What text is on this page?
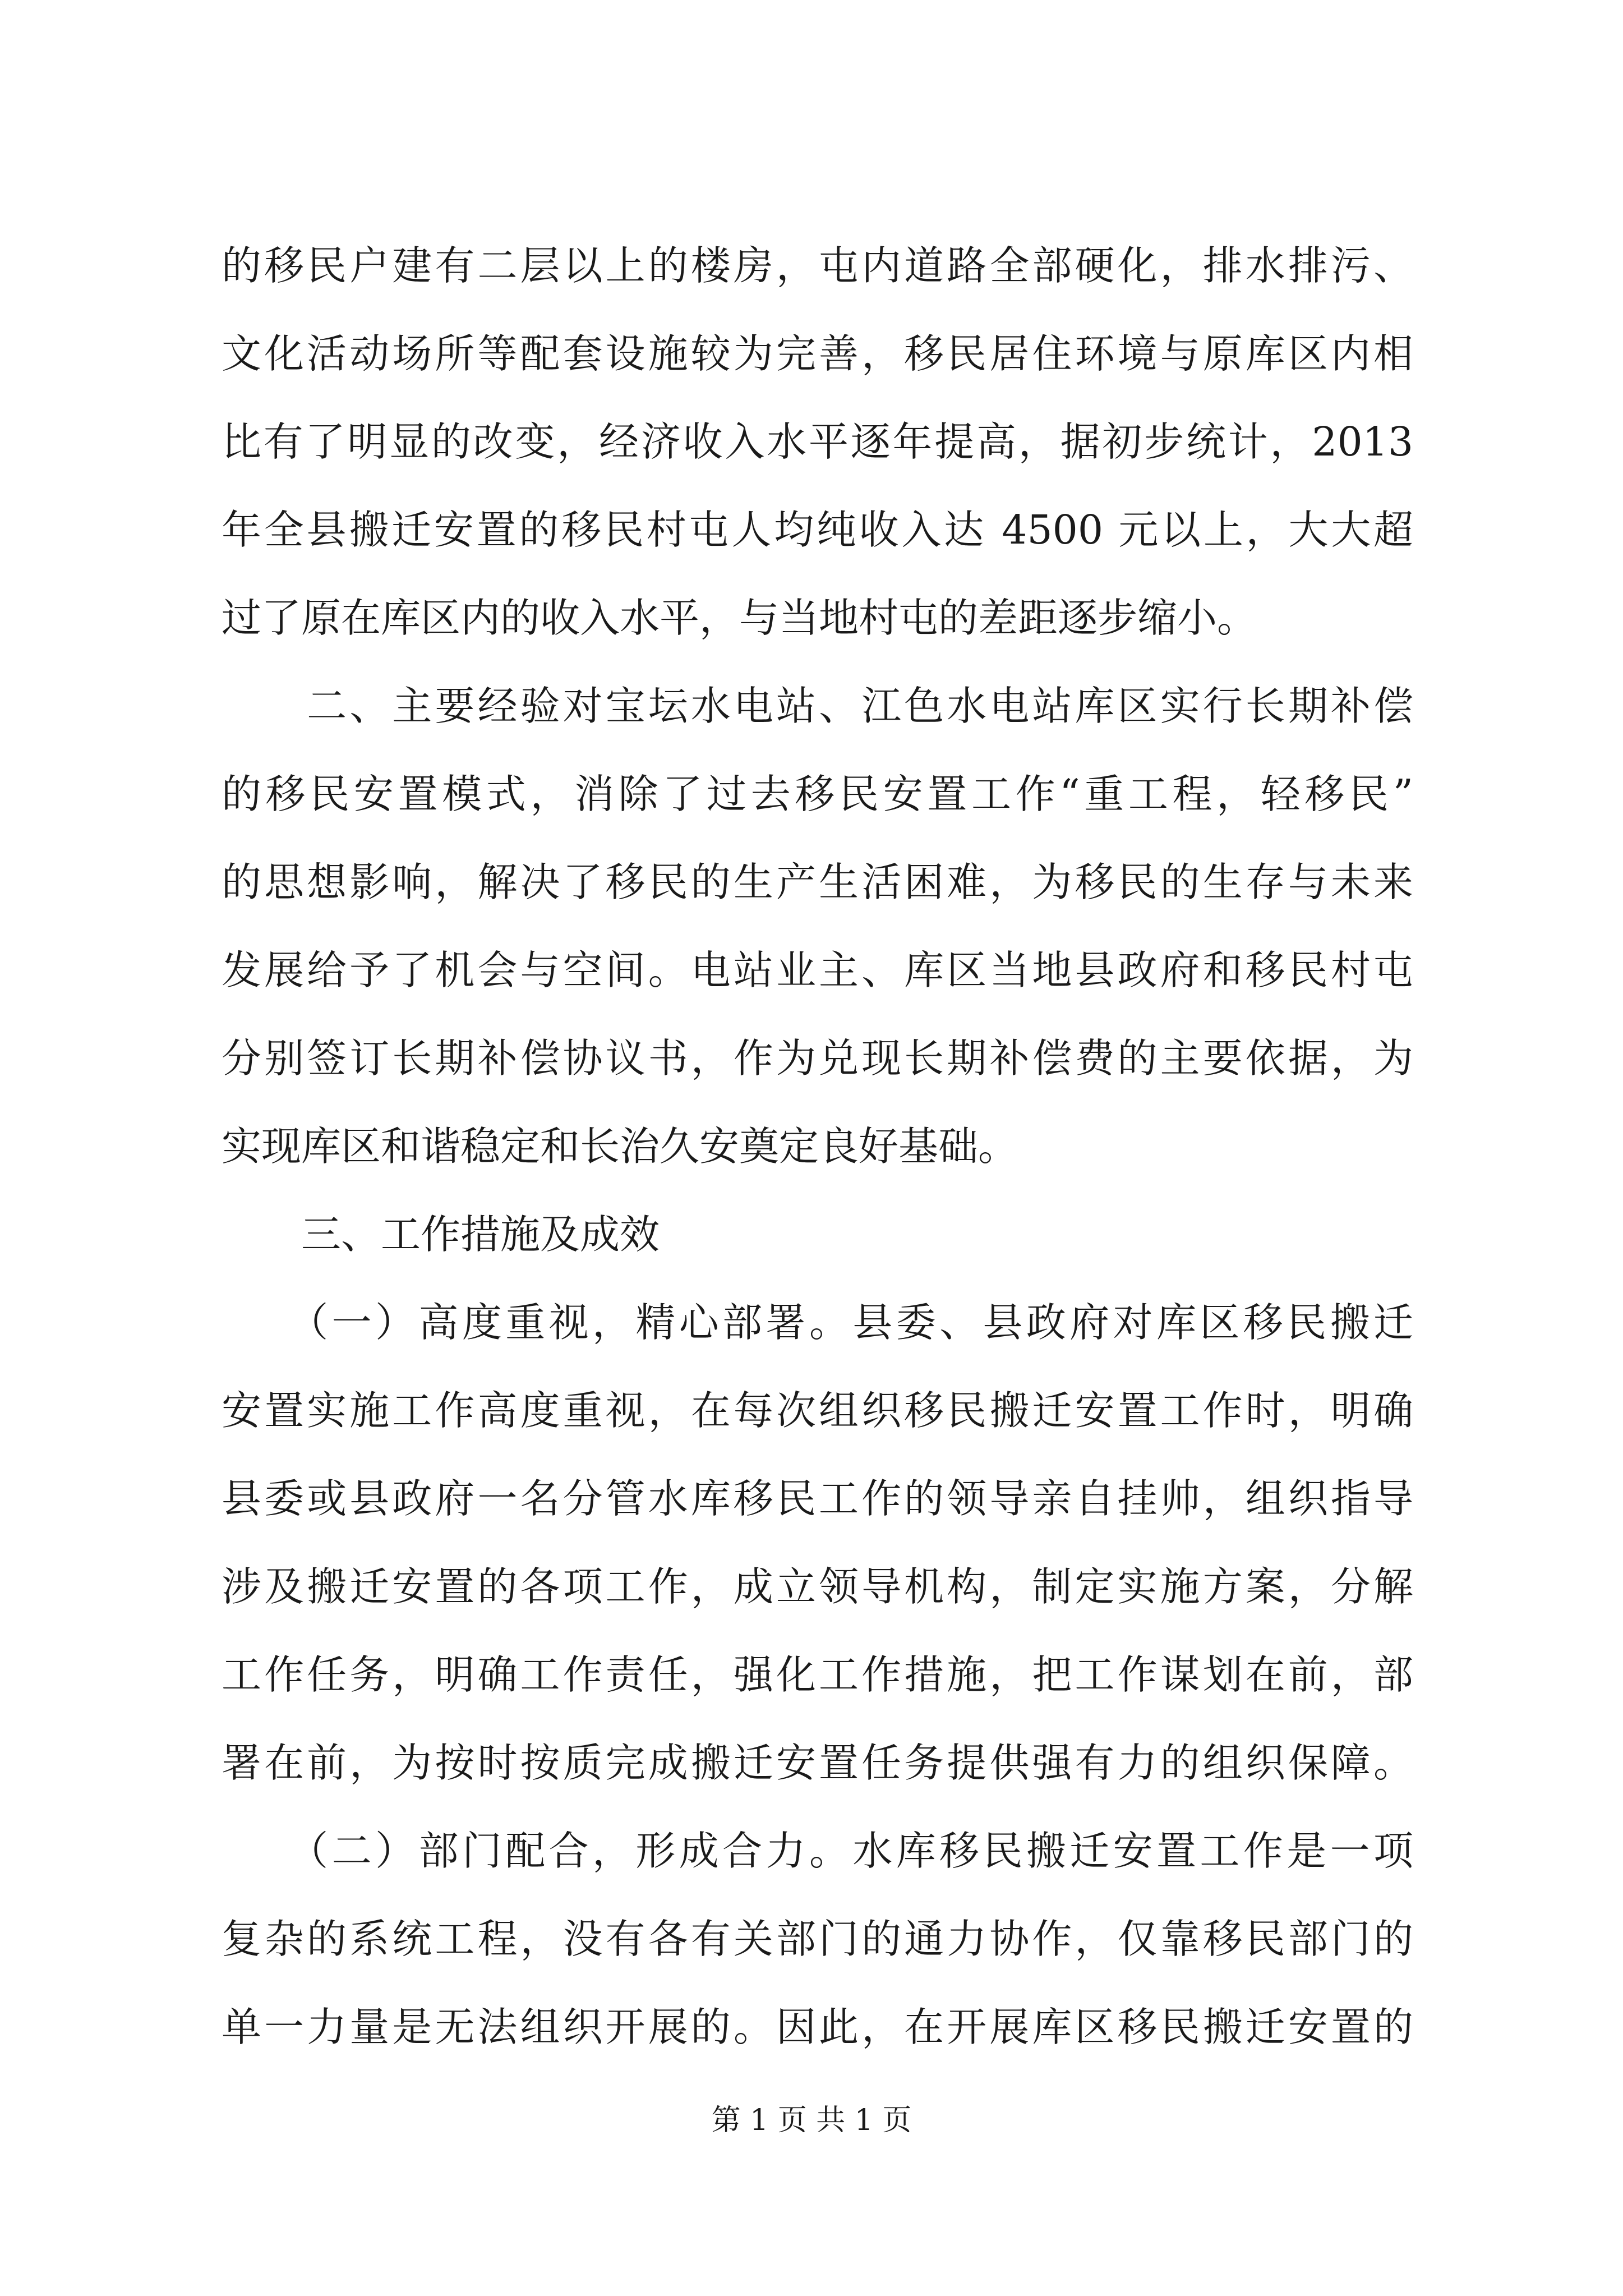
的移民户建有二层以上的楼房，屯内道路全部硬化，排水排污、
文化活动场所等配套设施较为完善，移民居住环境与原库区内相
比有了明显的改变，经济收入水平逐年提高，据初步统计，2013
年全县搬迁安置的移民村屯人均纯收入达 4500 元以上，大大超
过了原在库区内的收入水平，与当地村屯的差距逐步缩小。
　　二、主要经验对宝坛水电站、江色水电站库区实行长期补偿
的移民安置模式，消除了过去移民安置工作“重工程，轻移民”
的思想影响，解决了移民的生产生活困难，为移民的生存与未来
发展给予了机会与空间。电站业主、库区当地县政府和移民村屯
分别签订长期补偿协议书，作为兑现长期补偿费的主要依据，为
实现库区和谐稳定和长治久安奠定良好基础。
　　三、工作措施及成效
　　（一）高度重视，精心部署。县委、县政府对库区移民搬迁
安置实施工作高度重视，在每次组织移民搬迁安置工作时，明确
县委或县政府一名分管水库移民工作的领导亲自挂帅，组织指导
涉及搬迁安置的各项工作，成立领导机构，制定实施方案，分解
工作任务，明确工作责任，强化工作措施，把工作谋划在前，部
署在前，为按时按质完成搬迁安置任务提供强有力的组织保障。
　　（二）部门配合，形成合力。水库移民搬迁安置工作是一项
复杂的系统工程，没有各有关部门的通力协作，仅靠移民部门的
单一力量是无法组织开展的。因此，在开展库区移民搬迁安置的
第 1 页 共 1 页
